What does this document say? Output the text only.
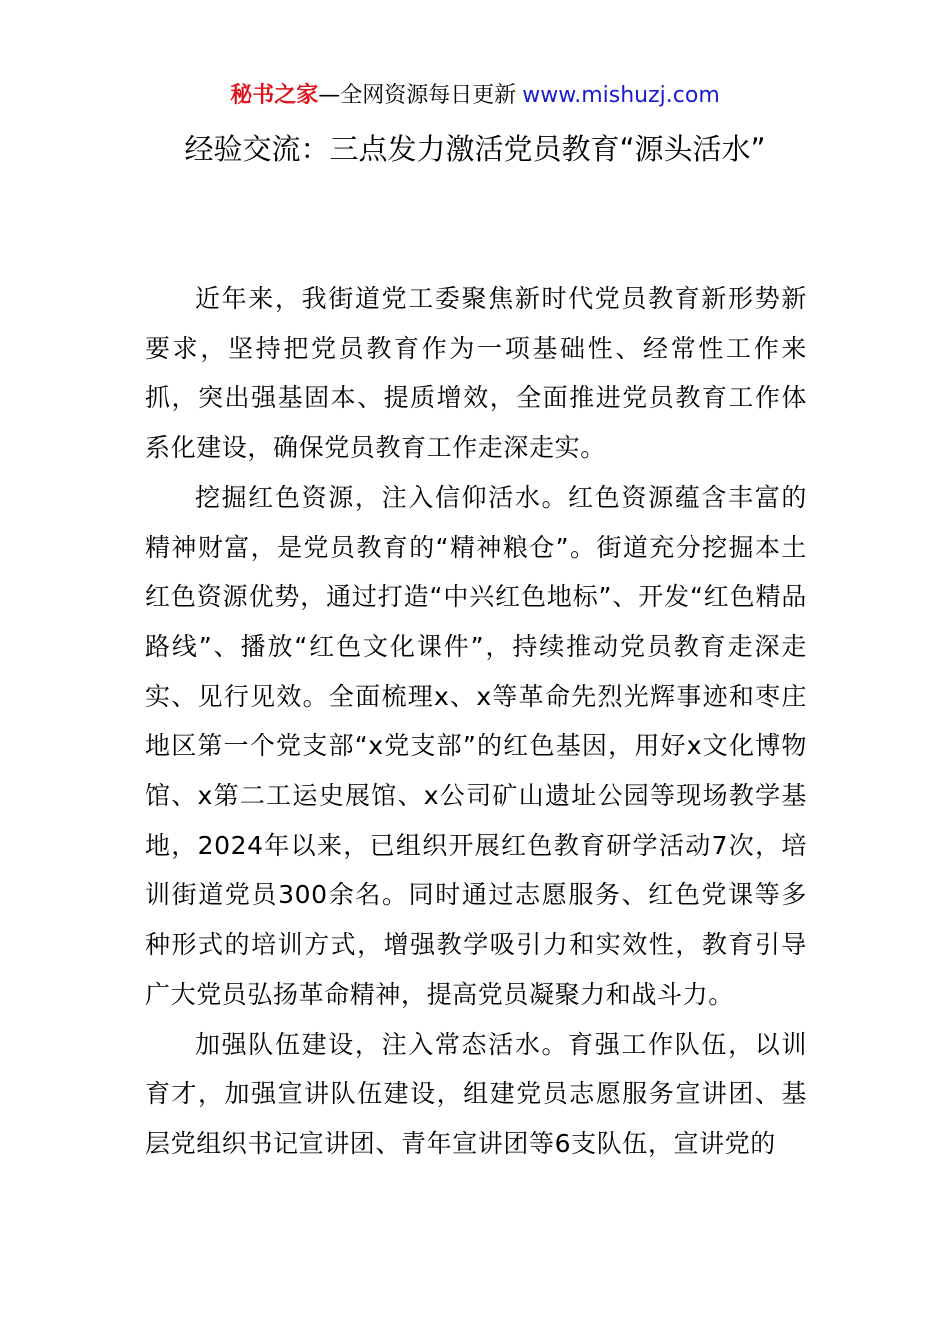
秘书之家—全网资源每日更新 www.mishuzj.com
经验交流：三点发力激活党员教育“源头活水”

近年来，我街道党工委聚焦新时代党员教育新形势新要求，坚持把党员教育作为一项基础性、经常性工作来抓，突出强基固本、提质增效，全面推进党员教育工作体系化建设，确保党员教育工作走深走实。

挖掘红色资源，注入信仰活水。红色资源蕴含丰富的精神财富，是党员教育的“精神粮仓”。街道充分挖掘本土红色资源优势，通过打造“中兴红色地标”、开发“红色精品路线”、播放“红色文化课件”，持续推动党员教育走深走实、见行见效。全面梳理x、x等革命先烈光辉事迹和枣庄地区第一个党支部“x党支部”的红色基因，用好x文化博物馆、x第二工运史展馆、x公司矿山遗址公园等现场教学基地，2024年以来，已组织开展红色教育研学活动7次，培训街道党员300余名。同时通过志愿服务、红色党课等多种形式的培训方式，增强教学吸引力和实效性，教育引导广大党员弘扬革命精神，提高党员凝聚力和战斗力。

加强队伍建设，注入常态活水。育强工作队伍，以训育才，加强宣讲队伍建设，组建党员志愿服务宣讲团、基层党组织书记宣讲团、青年宣讲团等6支队伍，宣讲党的
